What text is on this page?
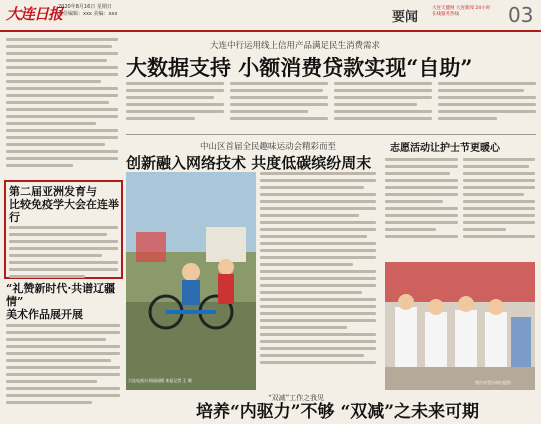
大连日报
2020年8月16日 星期日
责任编辑：xxx 美编：xxx	要闻
大连天健网 大连新闻 24小时在线服务热线	03
第二届亚洲发育与
比较免疫学大会在连举行
“礼赞新时代·共谱辽疆情”
美术作品展开展
大连中行运用线上信用产品满足民生消费需求
大数据支持 小额消费贷款实现“自助”
中山区首届全民趣味运动会精彩而至
创新融入网络技术 共度低碳缤纷周末
大连电视台刘园园摄 本报记者 王 摄
志愿活动让护士节更暖心
图片由受访单位提供
“双减”工作之我见
培养“内驱力”不够 “双减”之未来可期
